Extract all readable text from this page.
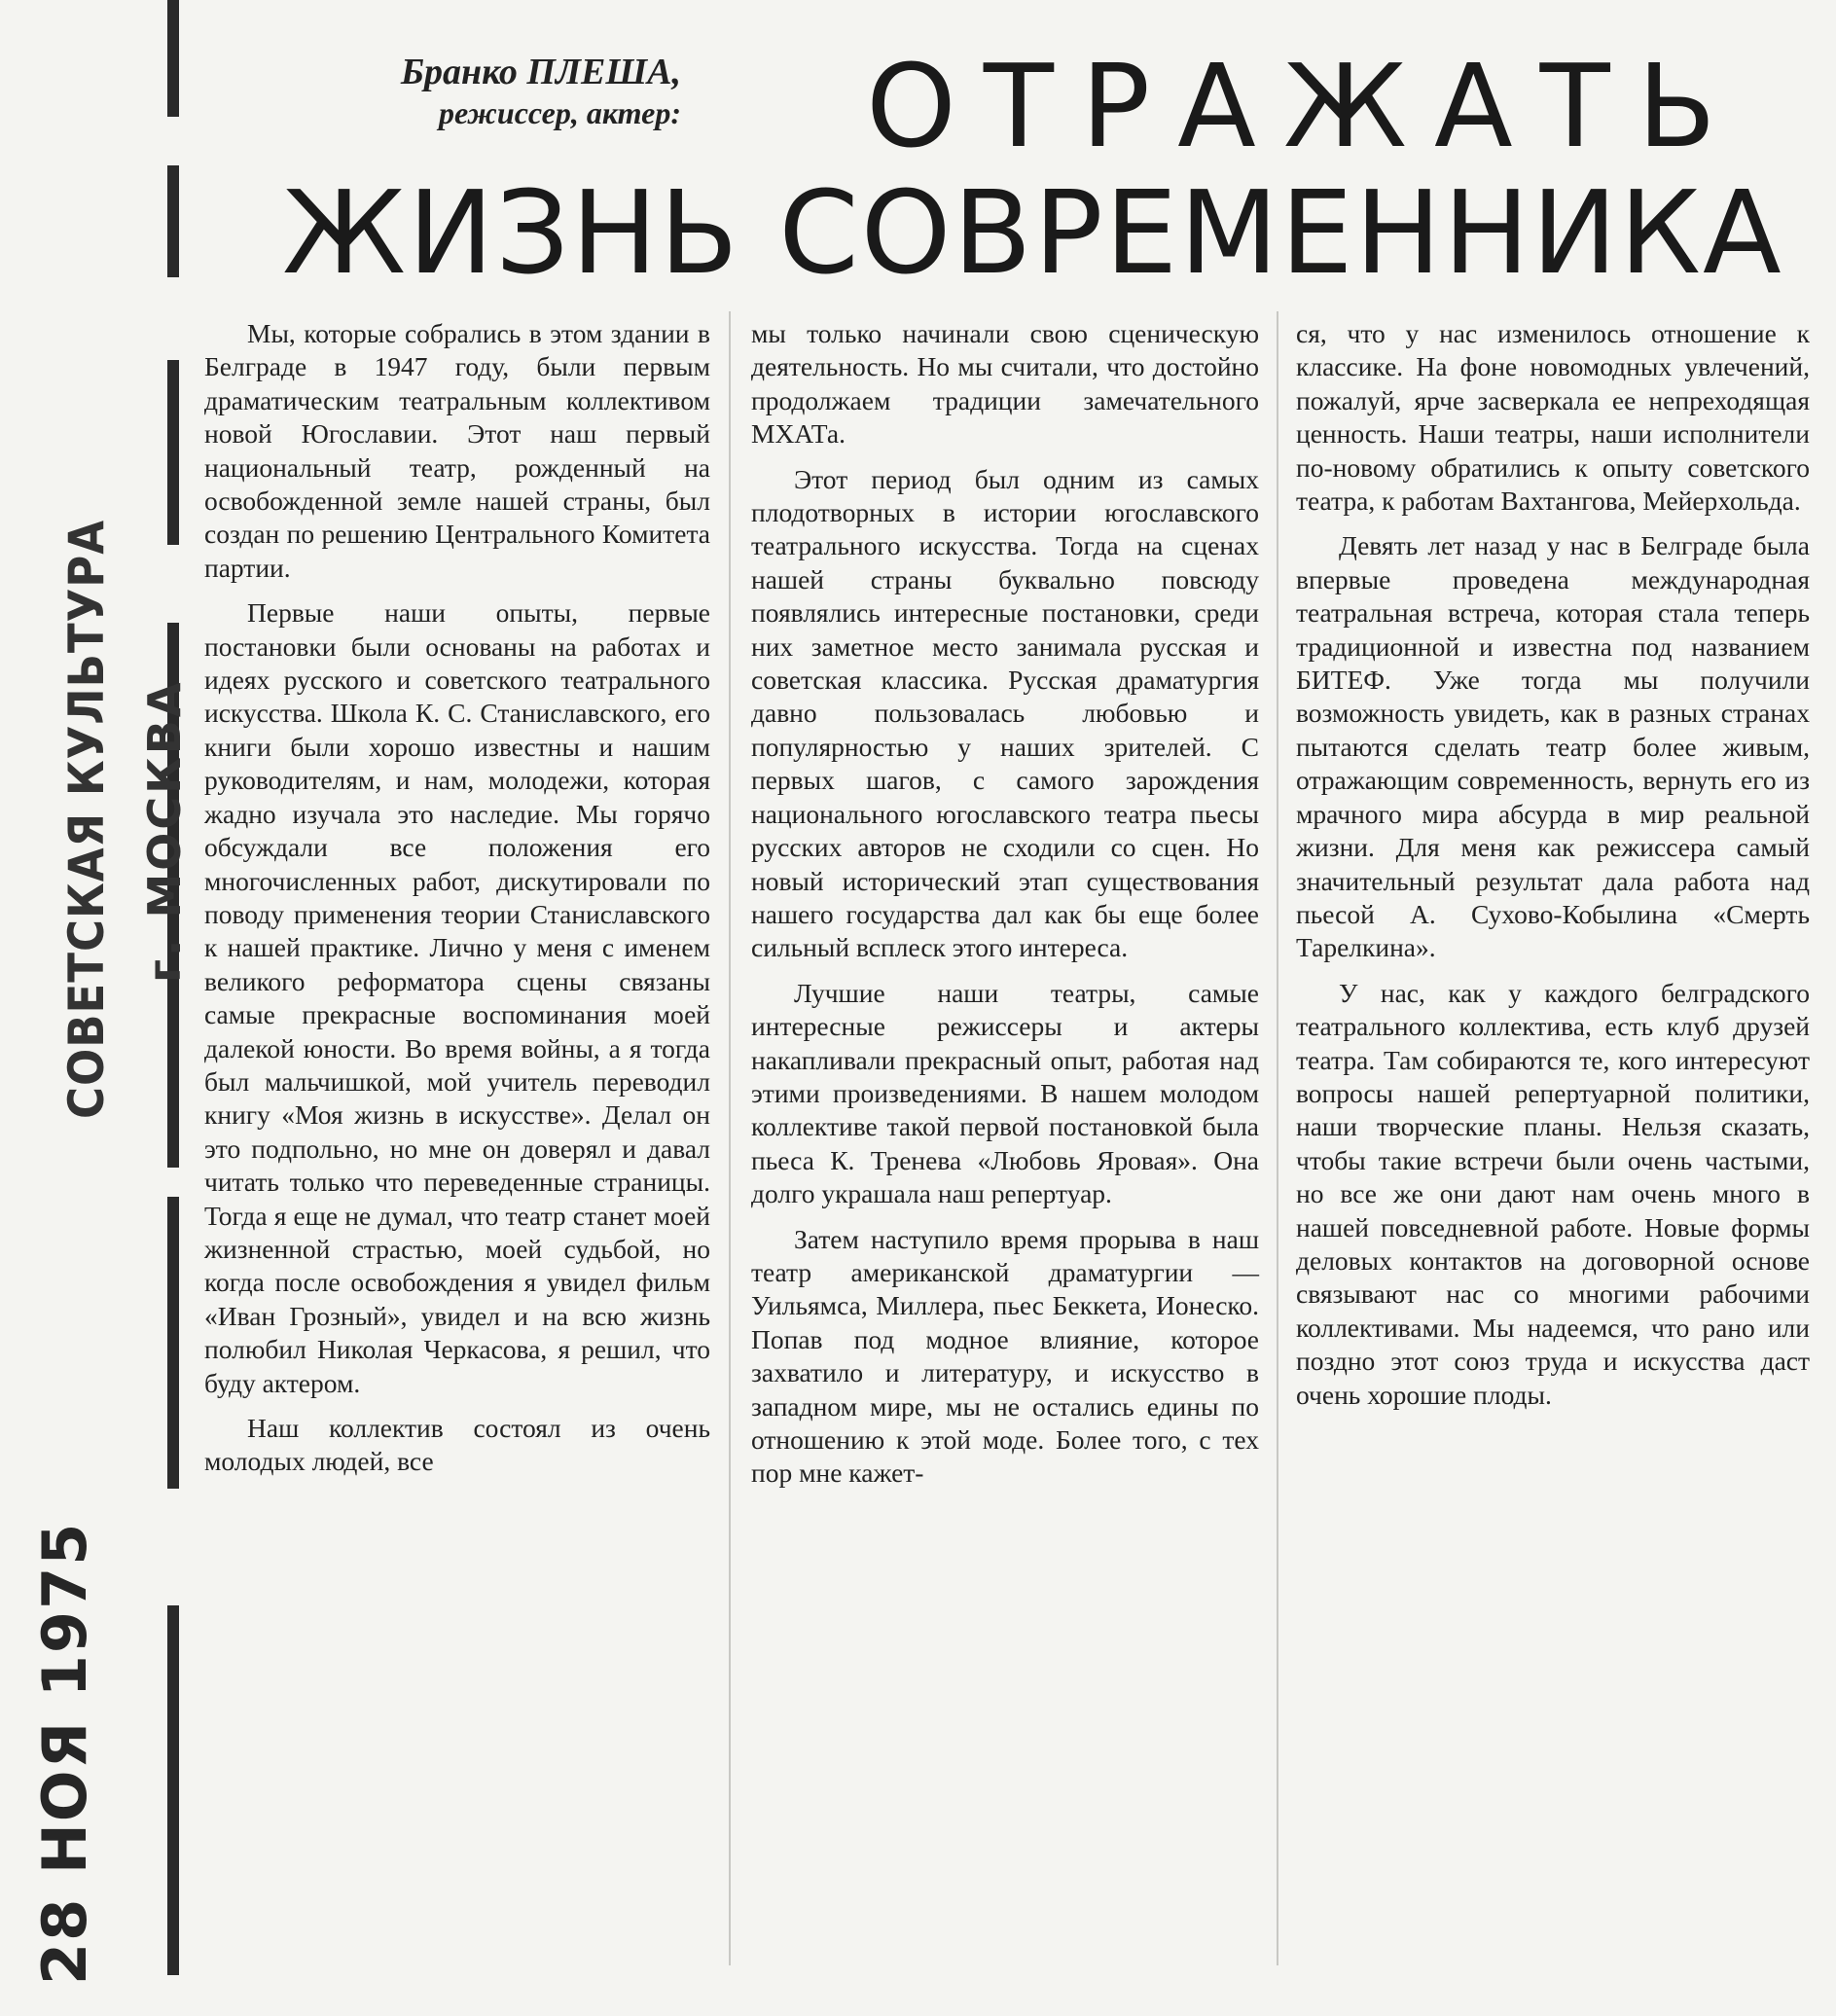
СОВЕТСКАЯ КУЛЬТУРА г. МОСКВА
28 НОЯ 1975
Бранко ПЛЕША,
режиссер, актер: ОТРАЖАТЬ
ЖИЗНЬ СОВРЕМЕННИКА

Мы, которые собрались в этом здании в Белграде в 1947 году, были первым драматическим театральным коллективом новой Югославии. Этот наш первый национальный театр, рожденный на освобожденной земле нашей страны, был создан по решению Центрального Комитета партии.

Первые наши опыты, первые постановки были основаны на работах и идеях русского и советского театрального искусства. Школа К. С. Станиславского, его книги были хорошо известны и нашим руководителям, и нам, молодежи, которая жадно изучала это наследие. Мы горячо обсуждали все положения его многочисленных работ, дискутировали по поводу применения теории Станиславского к нашей практике. Лично у меня с именем великого реформатора сцены связаны самые прекрасные воспоминания моей далекой юности. Во время войны, а я тогда был мальчишкой, мой учитель переводил книгу «Моя жизнь в искусстве». Делал он это подпольно, но мне он доверял и давал читать только что переведенные страницы. Тогда я еще не думал, что театр станет моей жизненной страстью, моей судьбой, но когда после освобождения я увидел фильм «Иван Грозный», увидел и на всю жизнь полюбил Николая Черкасова, я решил, что буду актером.

Наш коллектив состоял из очень молодых людей, все

мы только начинали свою сценическую деятельность. Но мы считали, что достойно продолжаем традиции замечательного МХАТа.

Этот период был одним из самых плодотворных в истории югославского театрального искусства. Тогда на сценах нашей страны буквально повсюду появлялись интересные постановки, среди них заметное место занимала русская и советская классика. Русская драматургия давно пользовалась любовью и популярностью у наших зрителей. С первых шагов, с самого зарождения национального югославского театра пьесы русских авторов не сходили со сцен. Но новый исторический этап существования нашего государства дал как бы еще более сильный всплеск этого интереса.

Лучшие наши театры, самые интересные режиссеры и актеры накапливали прекрасный опыт, работая над этими произведениями. В нашем молодом коллективе такой первой постановкой была пьеса К. Тренева «Любовь Яровая». Она долго украшала наш репертуар.

Затем наступило время прорыва в наш театр американской драматургии — Уильямса, Миллера, пьес Беккета, Ионеско. Попав под модное влияние, которое захватило и литературу, и искусство в западном мире, мы не остались едины по отношению к этой моде. Более того, с тех пор мне кажет-

ся, что у нас изменилось отношение к классике. На фоне новомодных увлечений, пожалуй, ярче засверкала ее непреходящая ценность. Наши театры, наши исполнители по-новому обратились к опыту советского театра, к работам Вахтангова, Мейерхольда.

Девять лет назад у нас в Белграде была впервые проведена международная театральная встреча, которая стала теперь традиционной и известна под названием БИТЕФ. Уже тогда мы получили возможность увидеть, как в разных странах пытаются сделать театр более живым, отражающим современность, вернуть его из мрачного мира абсурда в мир реальной жизни. Для меня как режиссера самый значительный результат дала работа над пьесой А. Сухово-Кобылина «Смерть Тарелкина».

У нас, как у каждого белградского театрального коллектива, есть клуб друзей театра. Там собираются те, кого интересуют вопросы нашей репертуарной политики, наши творческие планы. Нельзя сказать, чтобы такие встречи были очень частыми, но все же они дают нам очень много в нашей повседневной работе. Новые формы деловых контактов на договорной основе связывают нас со многими рабочими коллективами. Мы надеемся, что рано или поздно этот союз труда и искусства даст очень хорошие плоды.
